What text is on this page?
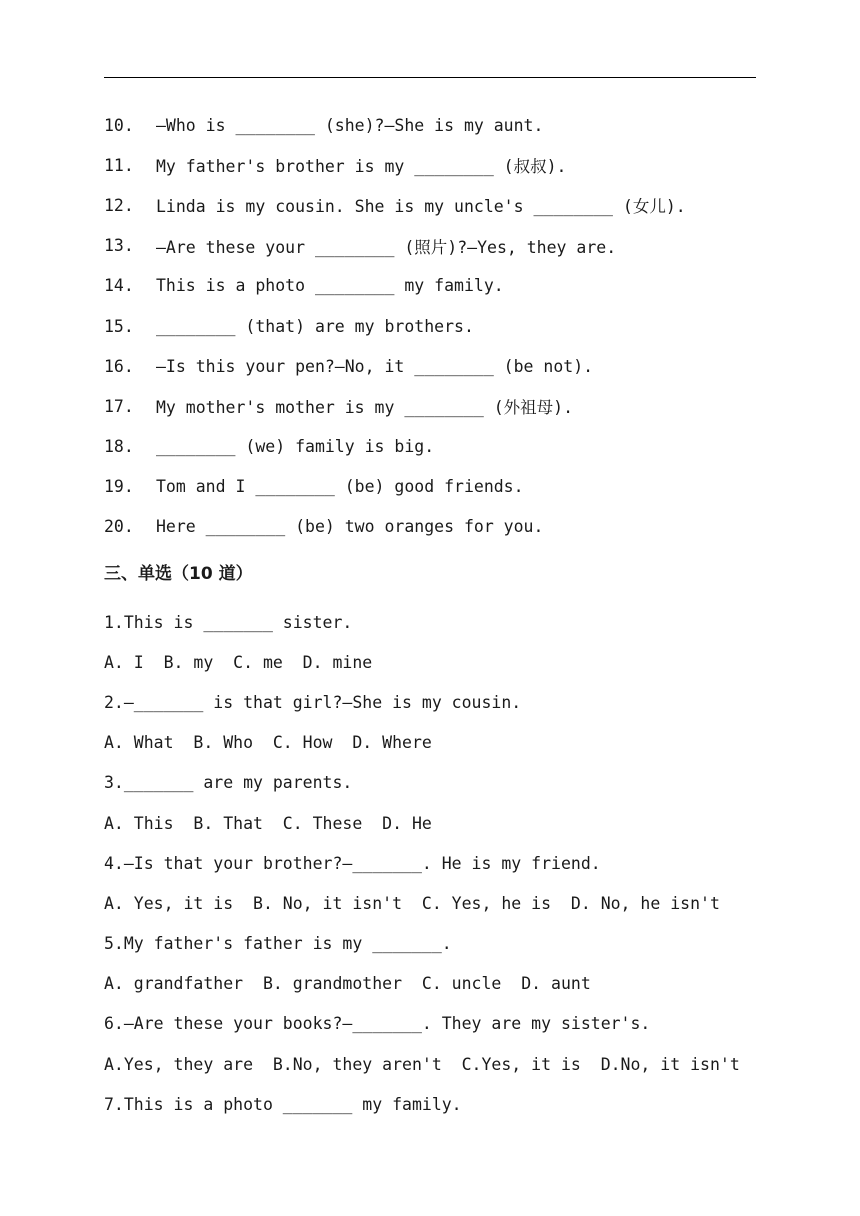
10.	—Who is ________ (she)?—She is my aunt.
11.	My father's brother is my ________ (叔叔).
12.	Linda is my cousin. She is my uncle's ________ (女儿).
13.	—Are these your ________ (照片)?—Yes, they are.
14.	This is a photo ________ my family.
15.	________ (that) are my brothers.
16.	—Is this your pen?—No, it ________ (be not).
17.	My mother's mother is my ________ (外祖母).
18.	________ (we) family is big.
19.	Tom and I ________ (be) good friends.
20.	Here ________ (be) two oranges for you.
三、单选（10 道）
1.This is _______ sister.
A. I  B. my  C. me  D. mine
2.—_______ is that girl?—She is my cousin.
A. What  B. Who  C. How  D. Where
3._______ are my parents.
A. This  B. That  C. These  D. He
4.—Is that your brother?—_______. He is my friend.
A. Yes, it is  B. No, it isn't  C. Yes, he is  D. No, he isn't
5.My father's father is my _______.
A. grandfather  B. grandmother  C. uncle  D. aunt
6.—Are these your books?—_______. They are my sister's.
A.Yes, they are  B.No, they aren't  C.Yes, it is  D.No, it isn't
7.This is a photo _______ my family.
